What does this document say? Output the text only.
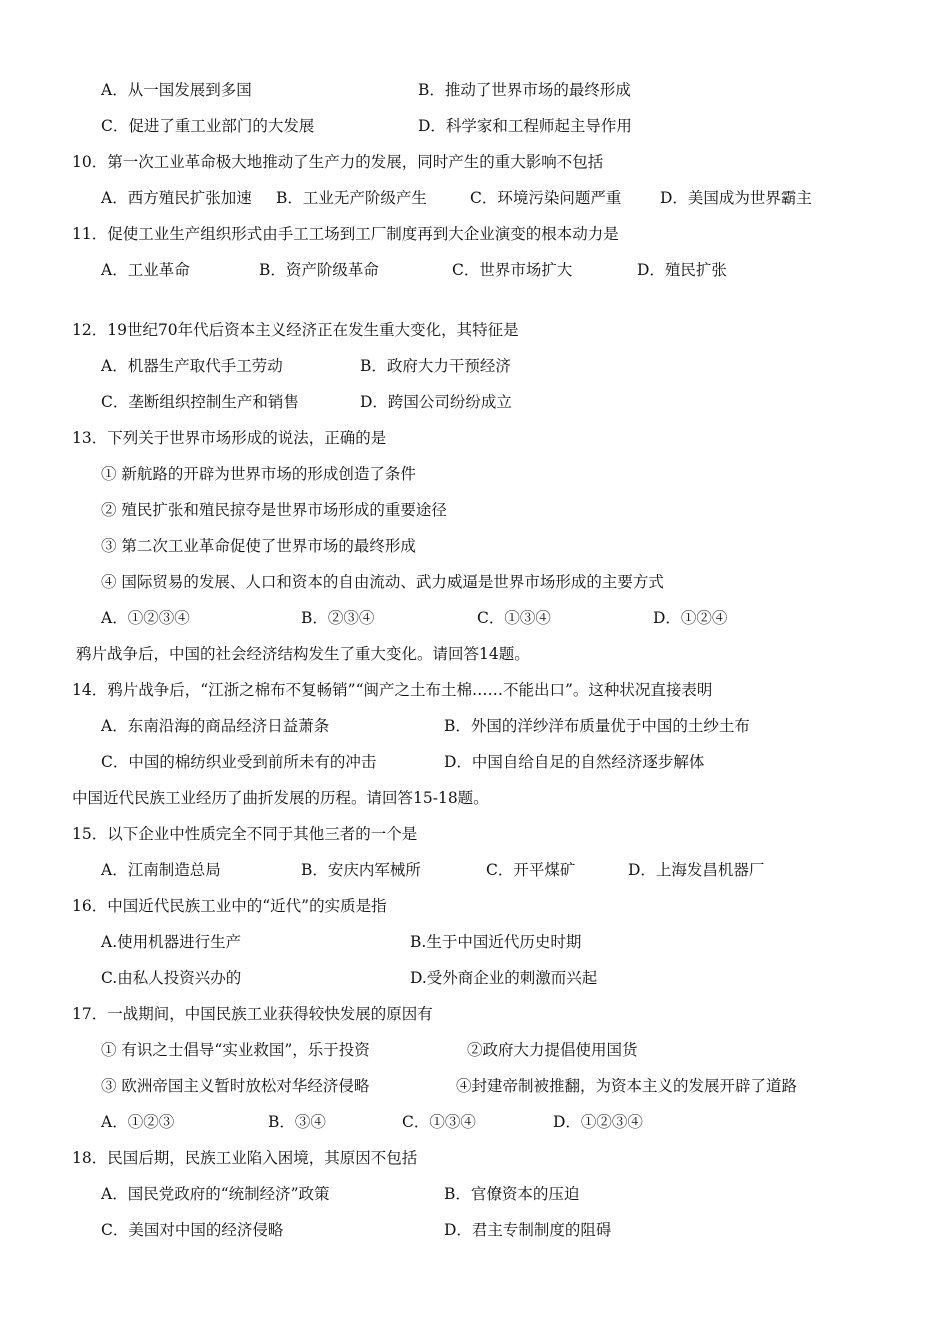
A．从一国发展到多国	B．推动了世界市场的最终形成
C．促进了重工业部门的大发展	D．科学家和工程师起主导作用
10．第一次工业革命极大地推动了生产力的发展，同时产生的重大影响不包括
A．西方殖民扩张加速 B．工业无产阶级产生	C．环境污染问题严重 D．美国成为世界霸主
11．促使工业生产组织形式由手工工场到工厂制度再到大企业演变的根本动力是
A．工业革命	B．资产阶级革命	C．世界市场扩大	D．殖民扩张
12．19世纪70年代后资本主义经济正在发生重大变化，其特征是
A．机器生产取代手工劳动	B．政府大力干预经济
C．垄断组织控制生产和销售	D．跨国公司纷纷成立
13．下列关于世界市场形成的说法，正确的是
① 新航路的开辟为世界市场的形成创造了条件
② 殖民扩张和殖民掠夺是世界市场形成的重要途径
③ 第二次工业革命促使了世界市场的最终形成
④ 国际贸易的发展、人口和资本的自由流动、武力威逼是世界市场形成的主要方式
A．①②③④	B．②③④	C．①③④	D．①②④
鸦片战争后，中国的社会经济结构发生了重大变化。请回答14题。
14．鸦片战争后，“江浙之棉布不复畅销”“闽产之土布土棉……不能出口”。这种状况直接表明
A．东南沿海的商品经济日益萧条	B．外国的洋纱洋布质量优于中国的土纱土布
C．中国的棉纺织业受到前所未有的冲击	D．中国自给自足的自然经济逐步解体
中国近代民族工业经历了曲折发展的历程。请回答15-18题。
15．以下企业中性质完全不同于其他三者的一个是
A．江南制造总局	B．安庆内军械所	C．开平煤矿	D．上海发昌机器厂
16．中国近代民族工业中的“近代”的实质是指
A.使用机器进行生产	B.生于中国近代历史时期
C.由私人投资兴办的	D.受外商企业的刺激而兴起
17．一战期间，中国民族工业获得较快发展的原因有
① 有识之士倡导“实业救国”，乐于投资	②政府大力提倡使用国货
③ 欧洲帝国主义暂时放松对华经济侵略	④封建帝制被推翻，为资本主义的发展开辟了道路
A．①②③	B．③④	C．①③④	D．①②③④
18．民国后期，民族工业陷入困境，其原因不包括
A．国民党政府的“统制经济”政策	B．官僚资本的压迫
C．美国对中国的经济侵略	D．君主专制制度的阻碍
